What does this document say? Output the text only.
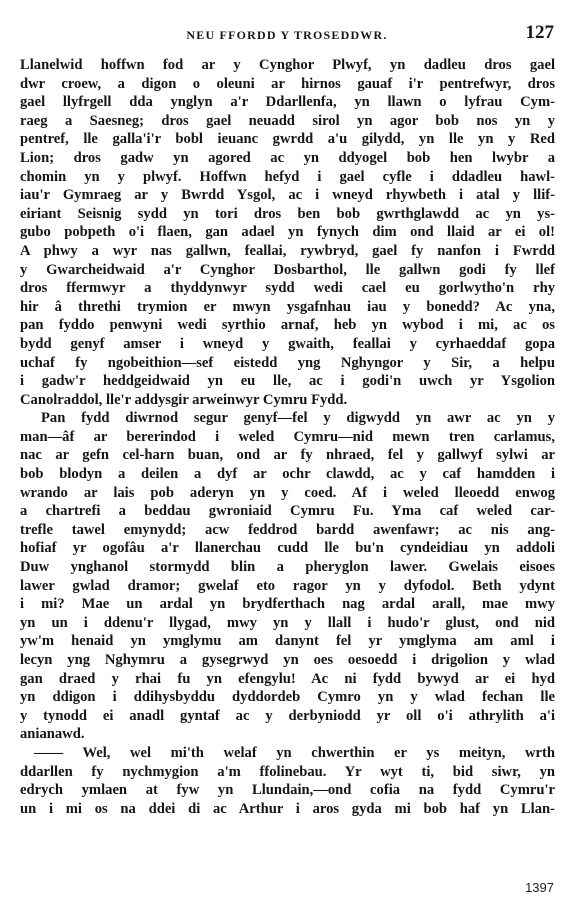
NEU FFORDD Y TROSEDDWR.	127
Llanelwid hoffwn fod ar y Cynghor Plwyf, yn dadleu dros gael
dwr croew, a digon o oleuni ar hirnos gauaf i'r pentrefwyr, dros
gael llyfrgell dda ynglyn a'r Ddarllenfa, yn llawn o lyfrau Cym-
raeg a Saesneg; dros gael neuadd sirol yn agor bob nos yn y
pentref, lle galla'i'r bobl ieuanc gwrdd a'u gilydd, yn lle yn y Red
Lion; dros gadw yn agored ac yn ddyogel bob hen lwybr a
chomin yn y plwyf. Hoffwn hefyd i gael cyfle i ddadleu hawl-
iau'r Gymraeg ar y Bwrdd Ysgol, ac i wneyd rhywbeth i atal y llif-
eiriant Seisnig sydd yn tori dros ben bob gwrthglawdd ac yn ys-
gubo pobpeth o'i flaen, gan adael yn fynych dim ond llaid ar ei ol!
A phwy a wyr nas gallwn, feallai, rywbryd, gael fy nanfon i Fwrdd
y Gwarcheidwaid a'r Cynghor Dosbarthol, lle gallwn godi fy llef
dros ffermwyr a thyddynwyr sydd wedi cael eu gorlwytho'n rhy
hir â threthi trymion er mwyn ysgafnhau iau y bonedd? Ac yna,
pan fyddo penwyni wedi syrthio arnaf, heb yn wybod i mi, ac os
bydd genyf amser i wneyd y gwaith, feallai y cyrhaeddaf gopa
uchaf fy ngobeithion—sef eistedd yng Nghyngor y Sir, a helpu
i gadw'r heddgeidwaid yn eu lle, ac i godi'n uwch yr Ysgolion
Canolraddol, lle'r addysgir arweinwyr Cymru Fydd.
Pan fydd diwrnod segur genyf—fel y digwydd yn awr ac yn y
man—âf ar bererindod i weled Cymru—nid mewn tren carlamus,
nac ar gefn cel-harn buan, ond ar fy nhraed, fel y gallwyf sylwi ar
bob blodyn a deilen a dyf ar ochr clawdd, ac y caf hamdden i
wrando ar lais pob aderyn yn y coed. Af i weled lleoedd enwog
a chartrefi a beddau gwroniaid Cymru Fu. Yma caf weled car-
trefle tawel emynydd; acw feddrod bardd awenfawr; ac nis ang-
hofiaf yr ogofâu a'r llanerchau cudd lle bu'n cyndeidiau yn addoli
Duw ynghanol stormydd blin a pheryglon lawer. Gwelais eisoes
lawer gwlad dramor; gwelaf eto ragor yn y dyfodol. Beth ydynt
i mi? Mae un ardal yn brydferthach nag ardal arall, mae mwy
yn un i ddenu'r llygad, mwy yn y llall i hudo'r glust, ond nid
yw'm henaid yn ymglymu am danynt fel yr ymglyma am aml i
lecyn yng Nghymru a gysegrwyd yn oes oesoedd i drigolion y wlad
gan draed y rhai fu yn efengylu! Ac ni fydd bywyd ar ei hyd
yn ddigon i ddihysbyddu dyddordeb Cymro yn y wlad fechan lle
y tynodd ei anadl gyntaf ac y derbyniodd yr oll o'i athrylith a'i
anianawd.
—— Wel, wel mi'th welaf yn chwerthin er ys meityn, wrth
ddarllen fy nychmygion a'm ffolinebau. Yr wyt ti, bid siwr, yn
edrych ymlaen at fyw yn Llundain,—ond cofia na fydd Cymru'r
un i mi os na ddei di ac Arthur i aros gyda mi bob haf yn Llan-
1397
